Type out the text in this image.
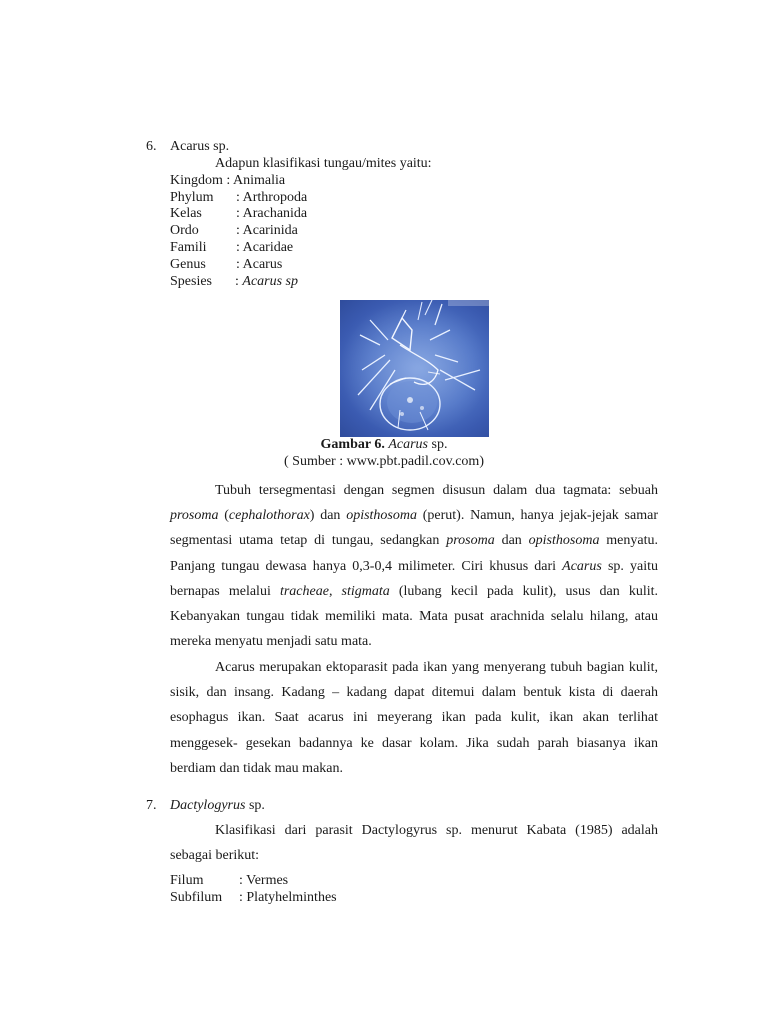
6. Acarus sp.
Adapun klasifikasi tungau/mites yaitu:
Kingdom : Animalia
Phylum	: Arthropoda
Kelas : Arachanida
Ordo	: Acarinida
Famili : Acaridae
Genus : Acarus
Spesies : Acarus sp
Gambar 6. Acarus sp.
( Sumber : www.pbt.padil.cov.com)

Tubuh tersegmentasi dengan segmen disusun dalam dua tagmata: sebuah prosoma (cephalothorax) dan opisthosoma (perut). Namun, hanya jejak-jejak samar segmentasi utama tetap di tungau, sedangkan prosoma dan opisthosoma menyatu. Panjang tungau dewasa hanya 0,3-0,4 milimeter. Ciri khusus dari Acarus sp. yaitu bernapas melalui tracheae, stigmata (lubang kecil pada kulit), usus dan kulit. Kebanyakan tungau tidak memiliki mata. Mata pusat arachnida selalu hilang, atau mereka menyatu menjadi satu mata.

Acarus merupakan ektoparasit pada ikan yang menyerang tubuh bagian kulit, sisik, dan insang. Kadang – kadang dapat ditemui dalam bentuk kista di daerah esophagus ikan. Saat acarus ini meyerang ikan pada kulit, ikan akan terlihat menggesek- gesekan badannya ke dasar kolam. Jika sudah parah biasanya ikan berdiam dan tidak mau makan.

7. Dactylogyrus sp.

Klasifikasi dari parasit Dactylogyrus sp. menurut Kabata (1985) adalah sebagai berikut:

Filum	: Vermes
Subfilum : Platyhelminthes
